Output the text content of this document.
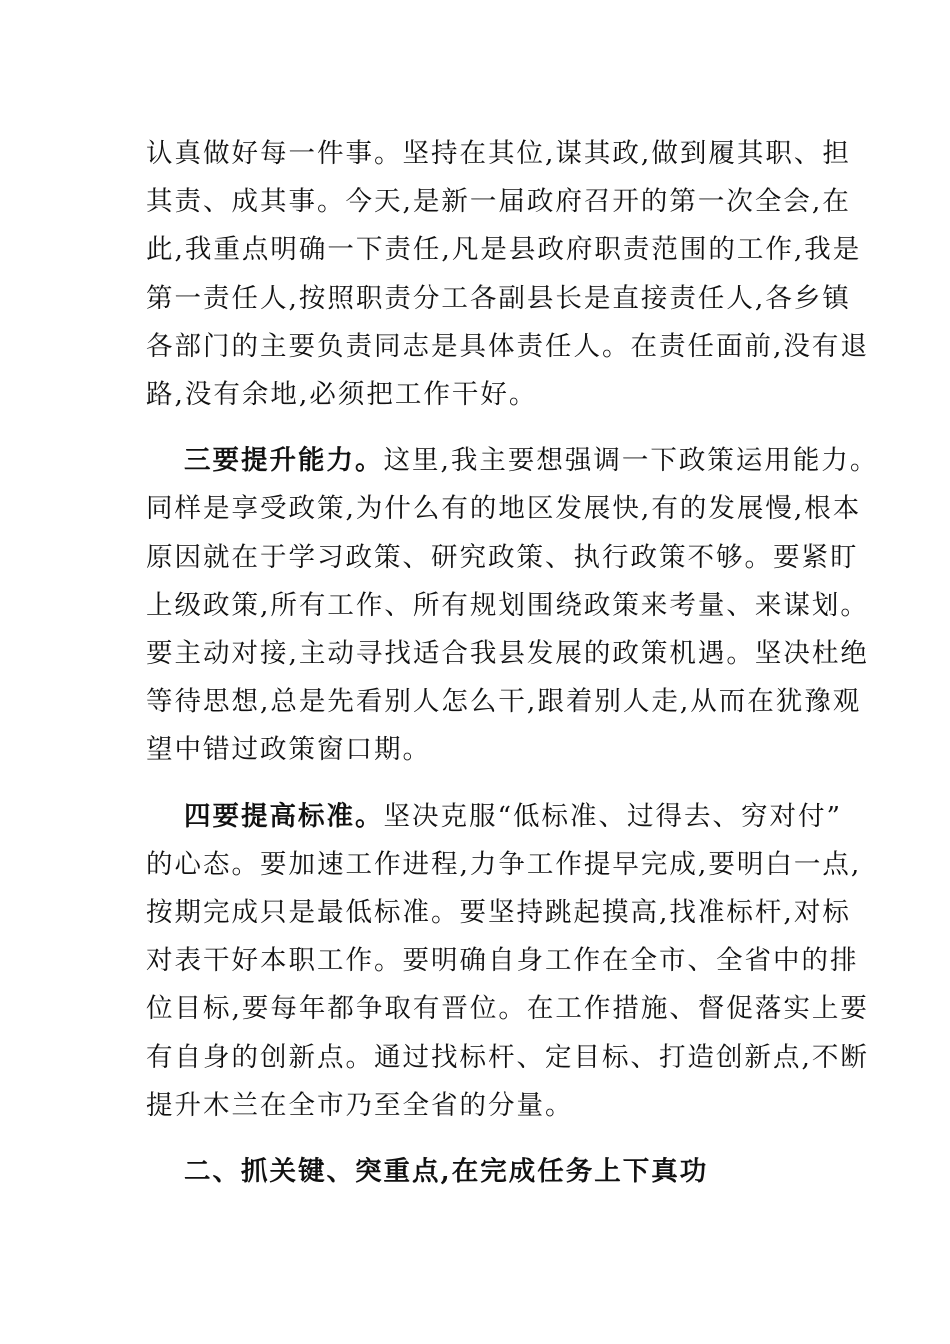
认真做好每一件事。坚持在其位,谋其政,做到履其职、担
其责、成其事。今天,是新一届政府召开的第一次全会,在
此,我重点明确一下责任,凡是县政府职责范围的工作,我是
第一责任人,按照职责分工各副县长是直接责任人,各乡镇
各部门的主要负责同志是具体责任人。在责任面前,没有退
路,没有余地,必须把工作干好。
三要提升能力。这里,我主要想强调一下政策运用能力。
同样是享受政策,为什么有的地区发展快,有的发展慢,根本
原因就在于学习政策、研究政策、执行政策不够。要紧盯
上级政策,所有工作、所有规划围绕政策来考量、来谋划。
要主动对接,主动寻找适合我县发展的政策机遇。坚决杜绝
等待思想,总是先看别人怎么干,跟着别人走,从而在犹豫观
望中错过政策窗口期。
四要提高标准。坚决克服“低标准、过得去、穷对付”
的心态。要加速工作进程,力争工作提早完成,要明白一点,
按期完成只是最低标准。要坚持跳起摸高,找准标杆,对标
对表干好本职工作。要明确自身工作在全市、全省中的排
位目标,要每年都争取有晋位。在工作措施、督促落实上要
有自身的创新点。通过找标杆、定目标、打造创新点,不断
提升木兰在全市乃至全省的分量。
二、抓关键、突重点,在完成任务上下真功
